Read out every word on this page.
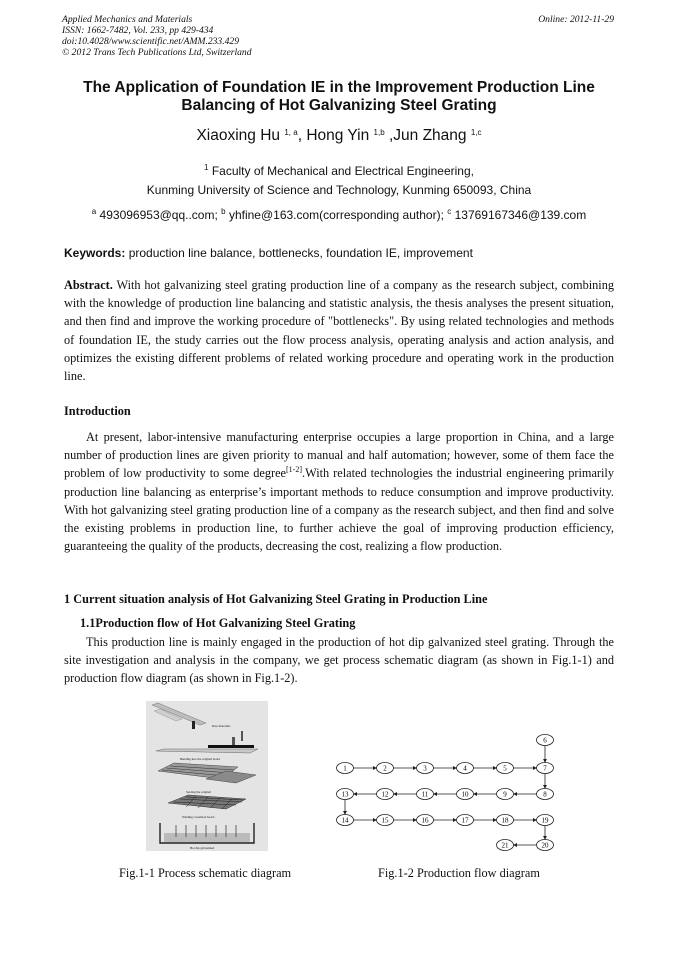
Applied Mechanics and Materials
ISSN: 1662-7482, Vol. 233, pp 429-434
doi:10.4028/www.scientific.net/AMM.233.429
© 2012 Trans Tech Publications Ltd, Switzerland
Online: 2012-11-29
The Application of Foundation IE in the Improvement Production Line
Balancing of Hot Galvanizing Steel Grating
Xiaoxing Hu $^{1, a}$, Hong Yin $^{1,b}$ ,Jun Zhang $^{1,c}$
$^1$ Faculty of Mechanical and Electrical Engineering,
Kunming University of Science and Technology, Kunming 650093, China
$^a$ 493096953@qq..com; $^b$ yhfine@163.com(corresponding author); $^c$ 13769167346@139.com
Keywords: production line balance, bottlenecks, foundation IE, improvement
Abstract. With hot galvanizing steel grating production line of a company as the research subject, combining with the knowledge of production line balancing and statistic analysis, the thesis analyses the present situation, and then find and improve the working procedure of "bottlenecks". By using related technologies and methods of foundation IE, the study carries out the flow process analysis, operating analysis and action analysis, and optimizes the existing different problems of related working procedure and operating work in the production line.
Introduction
At present, labor-intensive manufacturing enterprise occupies a large proportion in China, and a large number of production lines are given priority to manual and half automation; however, some of them face the problem of low productivity to some degree[1-2].With related technologies the industrial engineering primarily production line balancing as enterprise’s important methods to reduce consumption and improve productivity. With hot galvanizing steel grating production line of a company as the research subject, and then find and solve the existing problems in production line, to further achieve the goal of improving production efficiency, guaranteeing the quality of the products, decreasing the cost, realizing a flow production.
1 Current situation analysis of Hot Galvanizing Steel Grating in Production Line
1.1Production flow of Hot Galvanizing Steel Grating
This production line is mainly engaged in the production of hot dip galvanized steel grating. Through the site investigation and analysis in the company, we get process schematic diagram (as shown in Fig.1-1) and production flow diagram (as shown in Fig.1-2).
Raw materials
Bending into the original board
Sawing the original
Welding crossbuck board
Hot dip galvanized
1	2	3	4	5
6
7
8
9
10
11
12
13
14	15	16	17	18	19
20
21
Fig.1-1 Process schematic diagram	Fig.1-2 Production flow diagram
